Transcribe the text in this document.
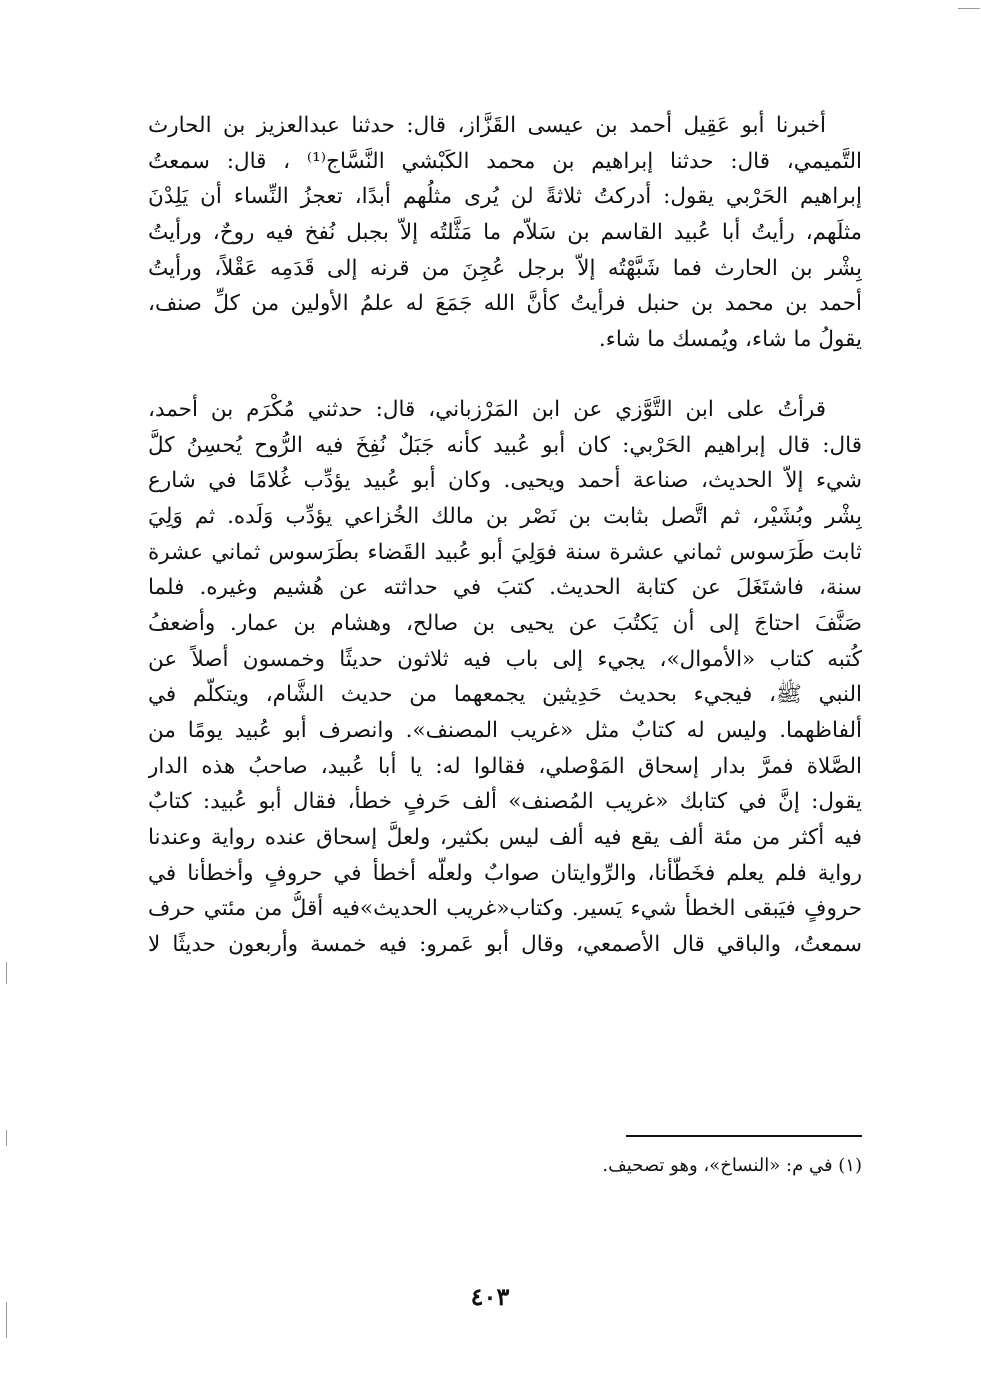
أخبرنا أبو عَقِيل أحمد بن عيسى القَزَّاز، قال: حدثنا عبدالعزيز بن الحارث
التَّميمي، قال: حدثنا إبراهيم بن محمد الكَبْشي النَّسَّاج⁽¹⁾ ، قال: سمعتُ
إبراهيم الحَرْبي يقول: أدركتُ ثلاثةً لن يُرى مثلُهم أبدًا، تعجزُ النِّساء أن يَلِدْنَ
مثلَهم، رأيتُ أبا عُبيد القاسم بن سَلاّم ما مَثَّلتُه إلاّ بجبل نُفخ فيه روحٌ، ورأيتُ
بِشْر بن الحارث فما شَبَّهْتُه إلاّ برجل عُجِنَ من قرنه إلى قَدَمِه عَقْلاً، ورأيتُ
أحمد بن محمد بن حنبل فرأيتُ كأنَّ الله جَمَعَ له علمُ الأولين من كلِّ صنف،
يقولُ ما شاء، ويُمسك ما شاء.

قرأتُ على ابن التَّوَّزي عن ابن المَرْزباني، قال: حدثني مُكْرَم بن أحمد،
قال: قال إبراهيم الحَرْبي: كان أبو عُبيد كأنه جَبَلٌ نُفِخَ فيه الرُّوح يُحسِنُ كلَّ
شيء إلاّ الحديث، صناعة أحمد ويحيى. وكان أبو عُبيد يؤدِّب غُلامًا في شارع
بِشْر وبُشَيْر، ثم اتَّصل بثابت بن نَصْر بن مالك الخُزاعي يؤدِّب وَلَده. ثم وَلِيَ
ثابت طَرَسوس ثماني عشرة سنة فوَلِيَ أبو عُبيد القَضاء بطَرَسوس ثماني عشرة
سنة، فاشتَغَلَ عن كتابة الحديث. كتبَ في حداثته عن هُشيم وغيره. فلما
صَنَّفَ احتاجَ إلى أن يَكتُبَ عن يحيى بن صالح، وهشام بن عمار. وأضعفُ
كُتبه كتاب «الأموال»، يجيء إلى باب فيه ثلاثون حديثًا وخمسون أصلاً عن
النبي ﷺ، فيجيء بحديث حَدِيثين يجمعهما من حديث الشَّام، ويتكلَّم في
ألفاظهما. وليس له كتابٌ مثل «غريب المصنف». وانصرف أبو عُبيد يومًا من
الصَّلاة فمرَّ بدار إسحاق المَوْصلي، فقالوا له: يا أبا عُبيد، صاحبُ هذه الدار
يقول: إنَّ في كتابك «غريب المُصنف» ألف حَرفٍ خطأ، فقال أبو عُبيد: كتابٌ
فيه أكثر من مئة ألف يقع فيه ألف ليس بكثير، ولعلَّ إسحاق عنده رواية وعندنا
رواية فلم يعلم فخَطَّأنا، والرِّوايتان صوابٌ ولعلَّه أخطأ في حروفٍ وأخطأنا في
حروفٍ فيَبقى الخطأ شيء يَسير. وكتاب«غريب الحديث»فيه أقلُّ من مئتي حرف
سمعتُ، والباقي قال الأصمعي، وقال أبو عَمرو: فيه خمسة وأربعون حديثًا لا

(١) في م: «النساخ»، وهو تصحيف.
٤٠٣
